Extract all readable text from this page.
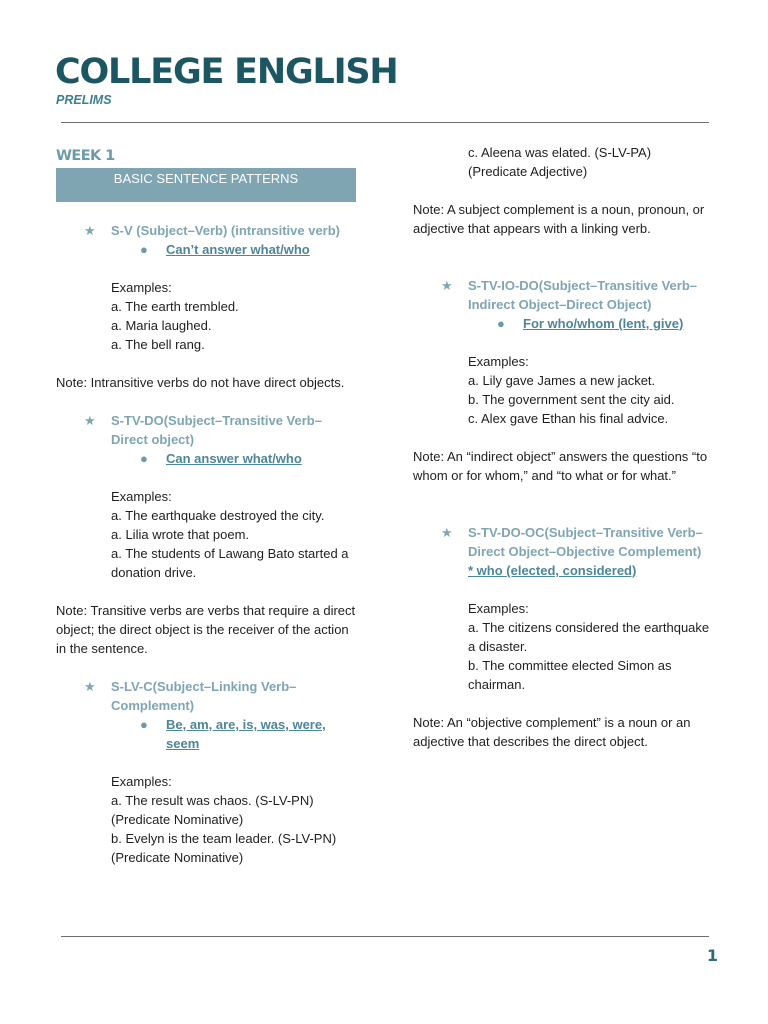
COLLEGE ENGLISH
PRELIMS
WEEK 1
BASIC SENTENCE PATTERNS
★ S-V (Subject–Verb) (intransitive verb)
● Can’t answer what/who

Examples:

a. The earth trembled.

a. Maria laughed.

a. The bell rang.

Note: Intransitive verbs do not have direct objects.

★ S-TV-DO(Subject–Transitive Verb–Direct object)
● Can answer what/who

Examples:

a. The earthquake destroyed the city.

a. Lilia wrote that poem.

a. The students of Lawang Bato started a donation drive.

Note: Transitive verbs are verbs that require a direct object; the direct object is the receiver of the action in the sentence.

★ S-LV-C(Subject–Linking Verb–Complement)
● Be, am, are, is, was, were, seem

Examples:

a. The result was chaos. (S-LV-PN) (Predicate Nominative)

b. Evelyn is the team leader. (S-LV-PN) (Predicate Nominative)

c. Aleena was elated. (S-LV-PA) (Predicate Adjective)

Note: A subject complement is a noun, pronoun, or adjective that appears with a linking verb.

★ S-TV-IO-DO(Subject–Transitive Verb–Indirect Object–Direct Object)
● For who/whom (lent, give)

Examples:

a. Lily gave James a new jacket.

b. The government sent the city aid.

c. Alex gave Ethan his final advice.

Note: An “indirect object” answers the questions “to whom or for whom,” and “to what or for what.”

★ S-TV-DO-OC(Subject–Transitive Verb–Direct Object–Objective Complement)
* who (elected, considered)

Examples:

a. The citizens considered the earthquake a disaster.

b. The committee elected Simon as chairman.

Note: An “objective complement” is a noun or an adjective that describes the direct object.

1
